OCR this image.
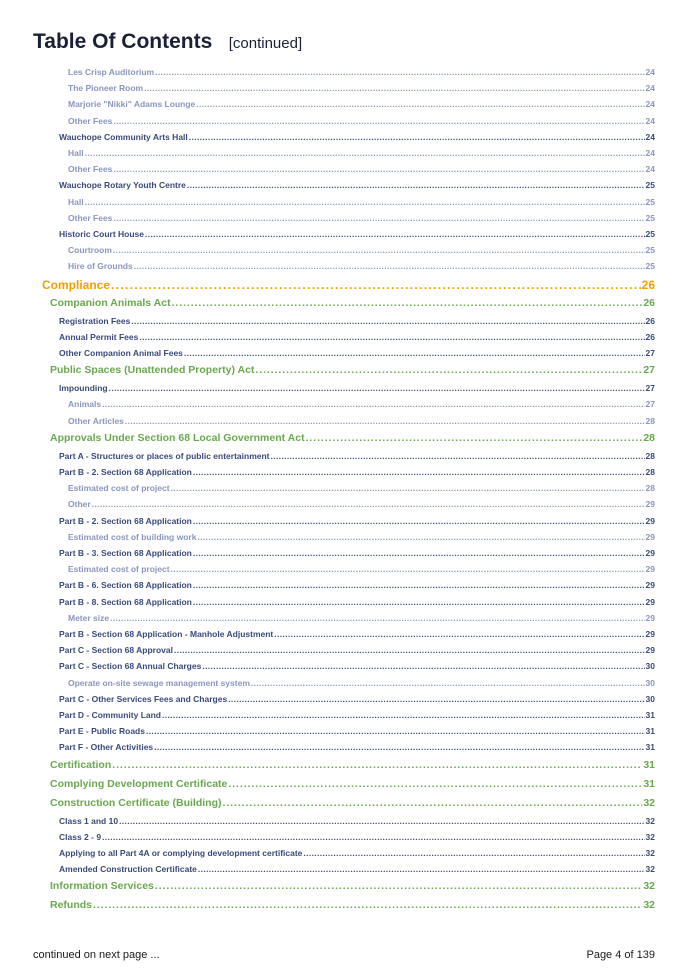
Table Of Contents [continued]
Les Crisp Auditorium . . .	24
The Pioneer Room . . .	24
Marjorie "Nikki" Adams Lounge . . .	24
Other Fees . . .	24
Wauchope Community Arts Hall . . .	24
Hall . . .	24
Other Fees . . .	24
Wauchope Rotary Youth Centre . . .	25
Hall . . .	25
Other Fees . . .	25
Historic Court House . . .	25
Courtroom . . .	25
Hire of Grounds . . .	25
Compliance . . .	26
Companion Animals Act . . .	26
Registration Fees . . .	26
Annual Permit Fees . . .	26
Other Companion Animal Fees . . .	27
Public Spaces (Unattended Property) Act . . .	27
Impounding . . .	27
Animals . . .	27
Other Articles . . .	28
Approvals Under Section 68 Local Government Act . . .	28
Part A - Structures or places of public entertainment . . .	28
Part B - 2. Section 68 Application . . .	28
Estimated cost of project . . .	28
Other . . .	29
Part B - 2. Section 68 Application . . .	29
Estimated cost of building work . . .	29
Part B - 3. Section 68 Application . . .	29
Estimated cost of project . . .	29
Part B - 6. Section 68 Application . . .	29
Part B - 8. Section 68 Application . . .	29
Meter size . . .	29
Part B - Section 68 Application - Manhole Adjustment . . .	29
Part C - Section 68 Approval . . .	29
Part C - Section 68 Annual Charges . . .	30
Operate on-site sewage management system . . .	30
Part C - Other Services Fees and Charges . . .	30
Part D - Community Land . . .	31
Part E - Public Roads . . .	31
Part F - Other Activities . . .	31
Certification . . .	31
Complying Development Certificate . . .	31
Construction Certificate (Building) . . .	32
Class 1 and 10 . . .	32
Class 2 - 9 . . .	32
Applying to all Part 4A or complying development certificate . . .	32
Amended Construction Certificate . . .	32
Information Services . . .	32
Refunds . . .	32
continued on next page ...	Page 4 of 139
